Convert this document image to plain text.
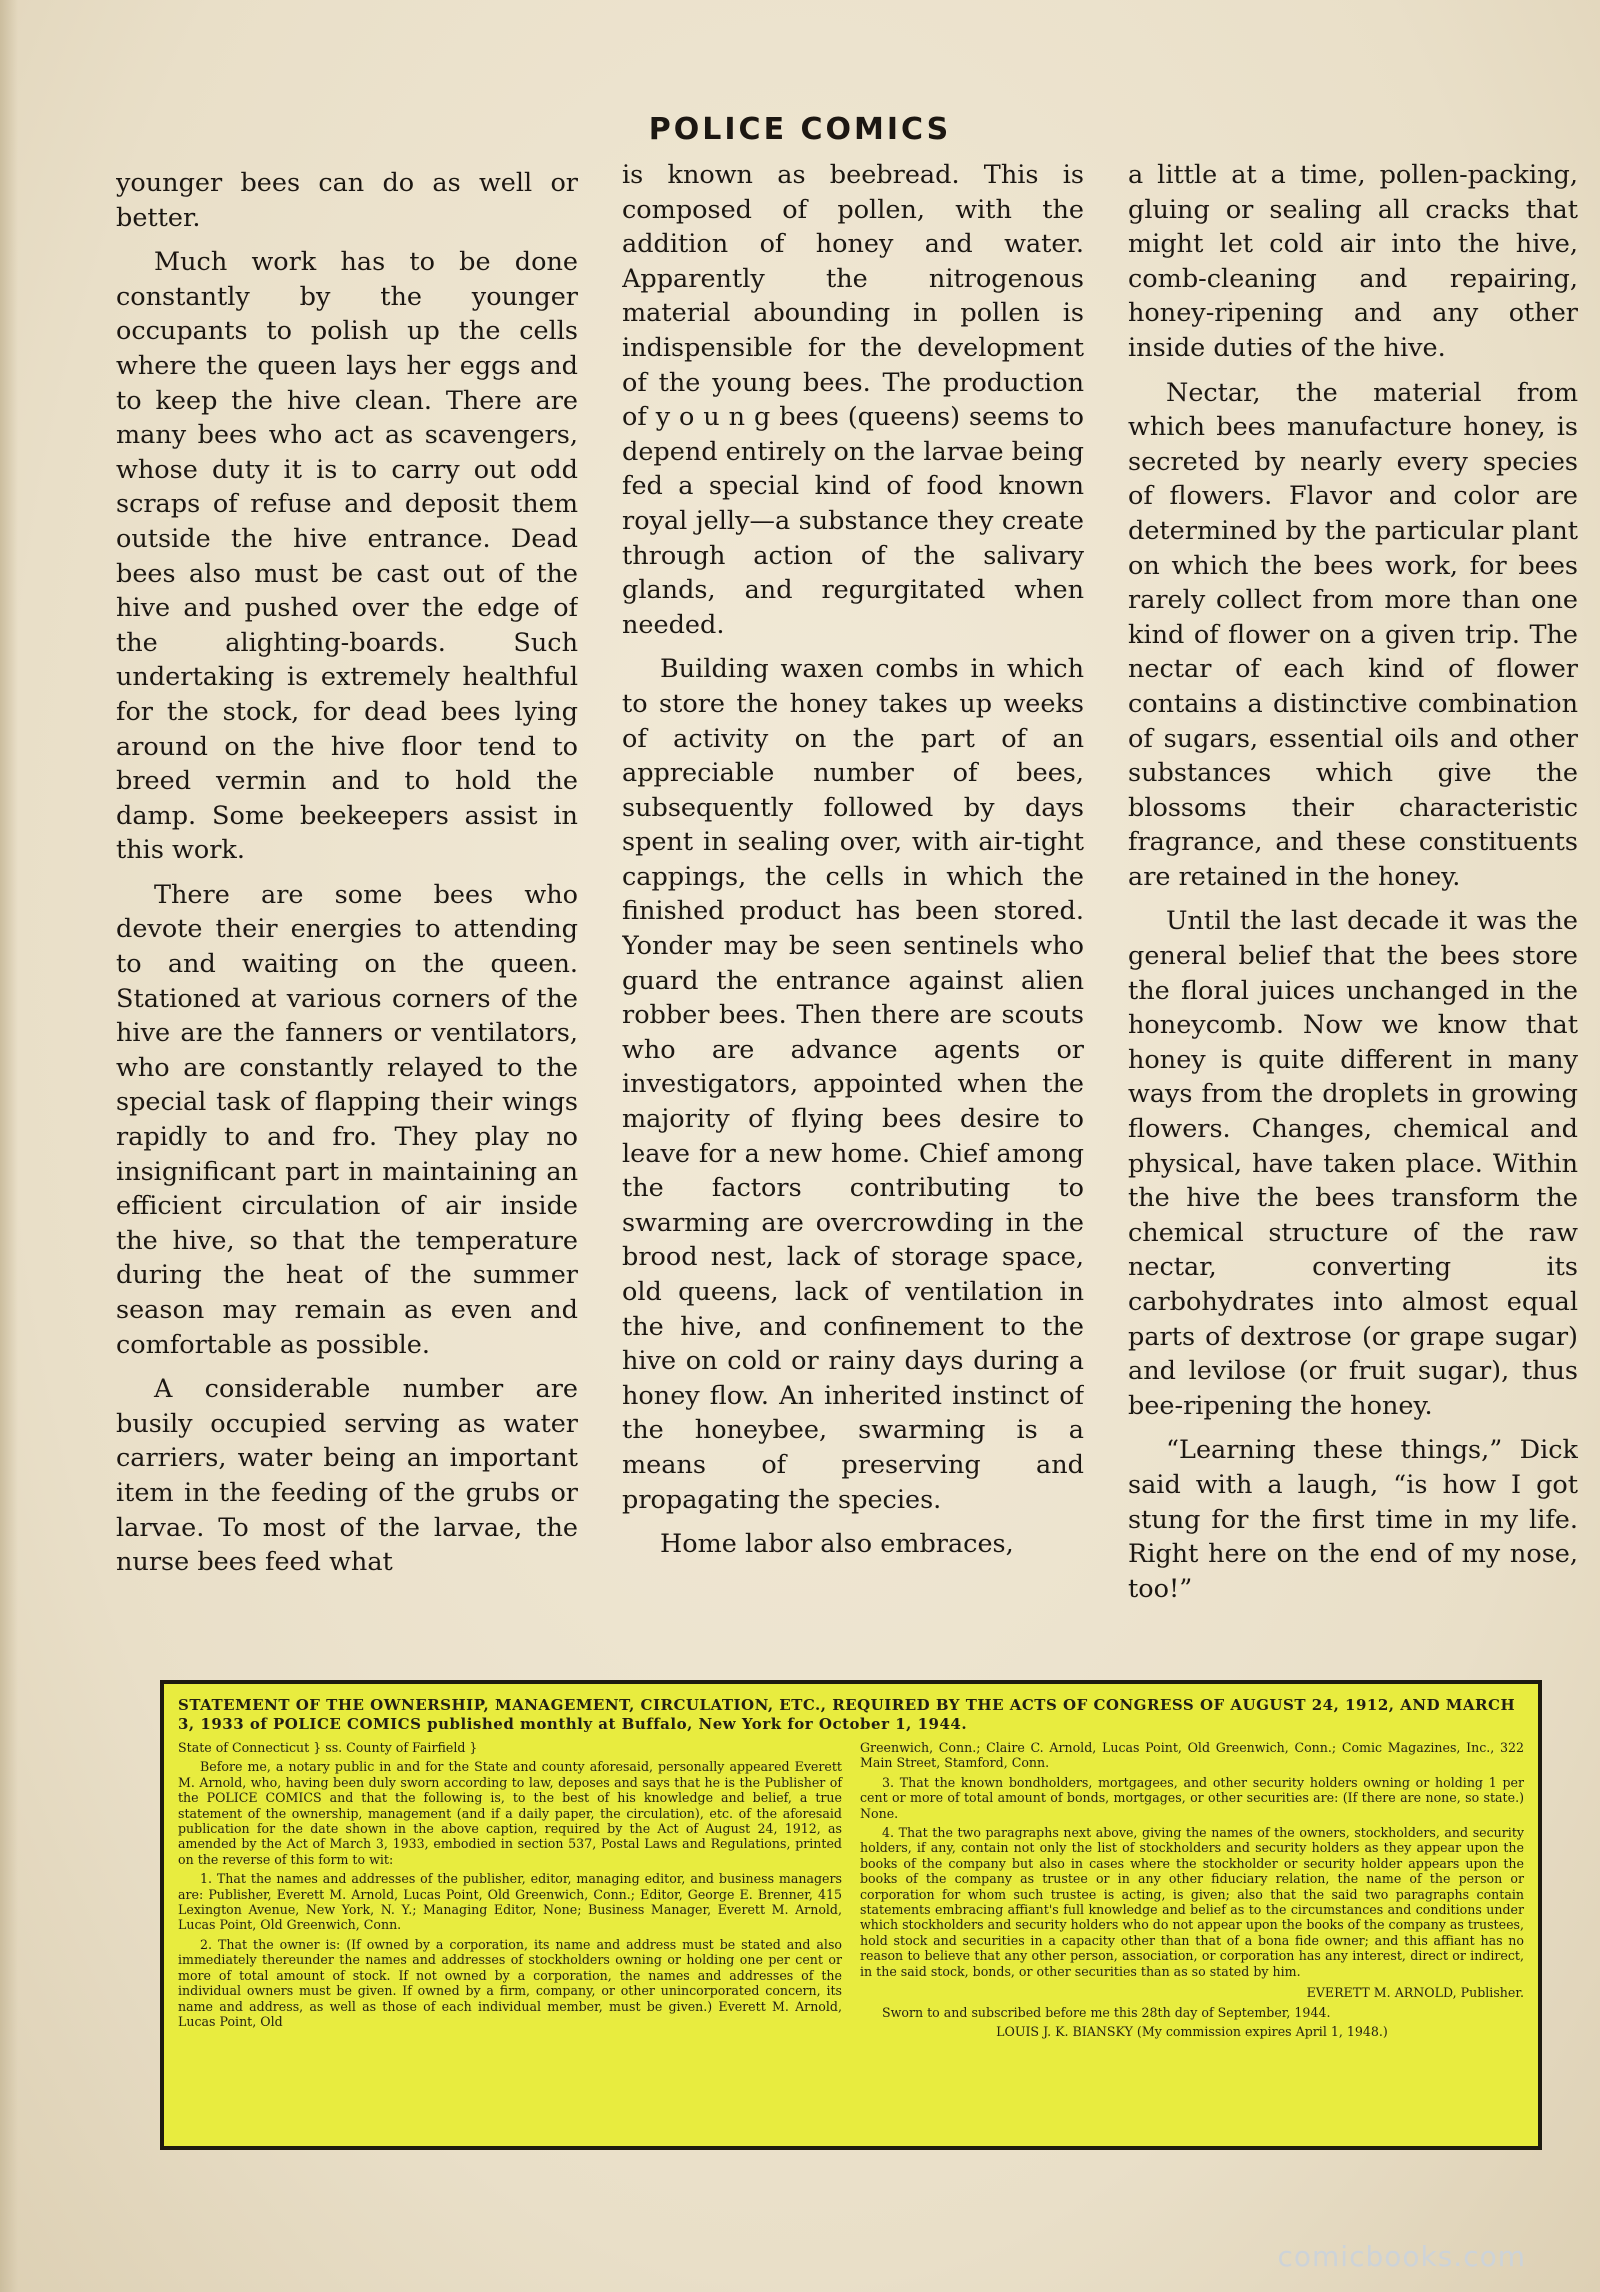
POLICE COMICS

younger bees can do as well or better.

Much work has to be done constantly by the younger occupants to polish up the cells where the queen lays her eggs and to keep the hive clean. There are many bees who act as scavengers, whose duty it is to carry out odd scraps of refuse and deposit them outside the hive entrance. Dead bees also must be cast out of the hive and pushed over the edge of the alighting-boards. Such undertaking is extremely healthful for the stock, for dead bees lying around on the hive floor tend to breed vermin and to hold the damp. Some beekeepers assist in this work.

There are some bees who devote their energies to attending to and waiting on the queen. Stationed at various corners of the hive are the fanners or ventilators, who are constantly relayed to the special task of flapping their wings rapidly to and fro. They play no insignificant part in maintaining an efficient circulation of air inside the hive, so that the temperature during the heat of the summer season may remain as even and comfortable as possible.

A considerable number are busily occupied serving as water carriers, water being an important item in the feeding of the grubs or larvae. To most of the larvae, the nurse bees feed what

is known as beebread. This is composed of pollen, with the addition of honey and water. Apparently the nitrogenous material abounding in pollen is indispensible for the development of the young bees. The production of y o u n g bees (queens) seems to depend entirely on the larvae being fed a special kind of food known royal jelly—a substance they create through action of the salivary glands, and regurgitated when needed.

Building waxen combs in which to store the honey takes up weeks of activity on the part of an appreciable number of bees, subsequently followed by days spent in sealing over, with air-tight cappings, the cells in which the finished product has been stored. Yonder may be seen sentinels who guard the entrance against alien robber bees. Then there are scouts who are advance agents or investigators, appointed when the majority of flying bees desire to leave for a new home. Chief among the factors contributing to swarming are overcrowding in the brood nest, lack of storage space, old queens, lack of ventilation in the hive, and confinement to the hive on cold or rainy days during a honey flow. An inherited instinct of the honeybee, swarming is a means of preserving and propagating the species.

Home labor also embraces,

a little at a time, pollen-packing, gluing or sealing all cracks that might let cold air into the hive, comb-cleaning and repairing, honey-ripening and any other inside duties of the hive.

Nectar, the material from which bees manufacture honey, is secreted by nearly every species of flowers. Flavor and color are determined by the particular plant on which the bees work, for bees rarely collect from more than one kind of flower on a given trip. The nectar of each kind of flower contains a distinctive combination of sugars, essential oils and other substances which give the blossoms their characteristic fragrance, and these constituents are retained in the honey.

Until the last decade it was the general belief that the bees store the floral juices unchanged in the honeycomb. Now we know that honey is quite different in many ways from the droplets in growing flowers. Changes, chemical and physical, have taken place. Within the hive the bees transform the chemical structure of the raw nectar, converting its carbohydrates into almost equal parts of dextrose (or grape sugar) and levilose (or fruit sugar), thus bee-ripening the honey.

“Learning these things,” Dick said with a laugh, “is how I got stung for the first time in my life. Right here on the end of my nose, too!”

STATEMENT OF THE OWNERSHIP, MANAGEMENT, CIRCULATION, ETC., REQUIRED BY THE ACTS OF CONGRESS OF AUGUST 24, 1912, AND MARCH 3, 1933 of POLICE COMICS published monthly at Buffalo, New York for October 1, 1944.

State of Connecticut } ss. County of Fairfield }

Before me, a notary public in and for the State and county aforesaid, personally appeared Everett M. Arnold, who, having been duly sworn according to law, deposes and says that he is the Publisher of the POLICE COMICS and that the following is, to the best of his knowledge and belief, a true statement of the ownership, management (and if a daily paper, the circulation), etc. of the aforesaid publication for the date shown in the above caption, required by the Act of August 24, 1912, as amended by the Act of March 3, 1933, embodied in section 537, Postal Laws and Regulations, printed on the reverse of this form to wit:

1. That the names and addresses of the publisher, editor, managing editor, and business managers are: Publisher, Everett M. Arnold, Lucas Point, Old Greenwich, Conn.; Editor, George E. Brenner, 415 Lexington Avenue, New York, N. Y.; Managing Editor, None; Business Manager, Everett M. Arnold, Lucas Point, Old Greenwich, Conn.

2. That the owner is: (If owned by a corporation, its name and address must be stated and also immediately thereunder the names and addresses of stockholders owning or holding one per cent or more of total amount of stock. If not owned by a corporation, the names and addresses of the individual owners must be given. If owned by a firm, company, or other unincorporated concern, its name and address, as well as those of each individual member, must be given.) Everett M. Arnold, Lucas Point, Old

Greenwich, Conn.; Claire C. Arnold, Lucas Point, Old Greenwich, Conn.; Comic Magazines, Inc., 322 Main Street, Stamford, Conn.

3. That the known bondholders, mortgagees, and other security holders owning or holding 1 per cent or more of total amount of bonds, mortgages, or other securities are: (If there are none, so state.) None.

4. That the two paragraphs next above, giving the names of the owners, stockholders, and security holders, if any, contain not only the list of stockholders and security holders as they appear upon the books of the company but also in cases where the stockholder or security holder appears upon the books of the company as trustee or in any other fiduciary relation, the name of the person or corporation for whom such trustee is acting, is given; also that the said two paragraphs contain statements embracing affiant's full knowledge and belief as to the circumstances and conditions under which stockholders and security holders who do not appear upon the books of the company as trustees, hold stock and securities in a capacity other than that of a bona fide owner; and this affiant has no reason to believe that any other person, association, or corporation has any interest, direct or indirect, in the said stock, bonds, or other securities than as so stated by him.

EVERETT M. ARNOLD, Publisher.

Sworn to and subscribed before me this 28th day of September, 1944.

LOUIS J. K. BIANSKY (My commission expires April 1, 1948.)

comicbooks.com
